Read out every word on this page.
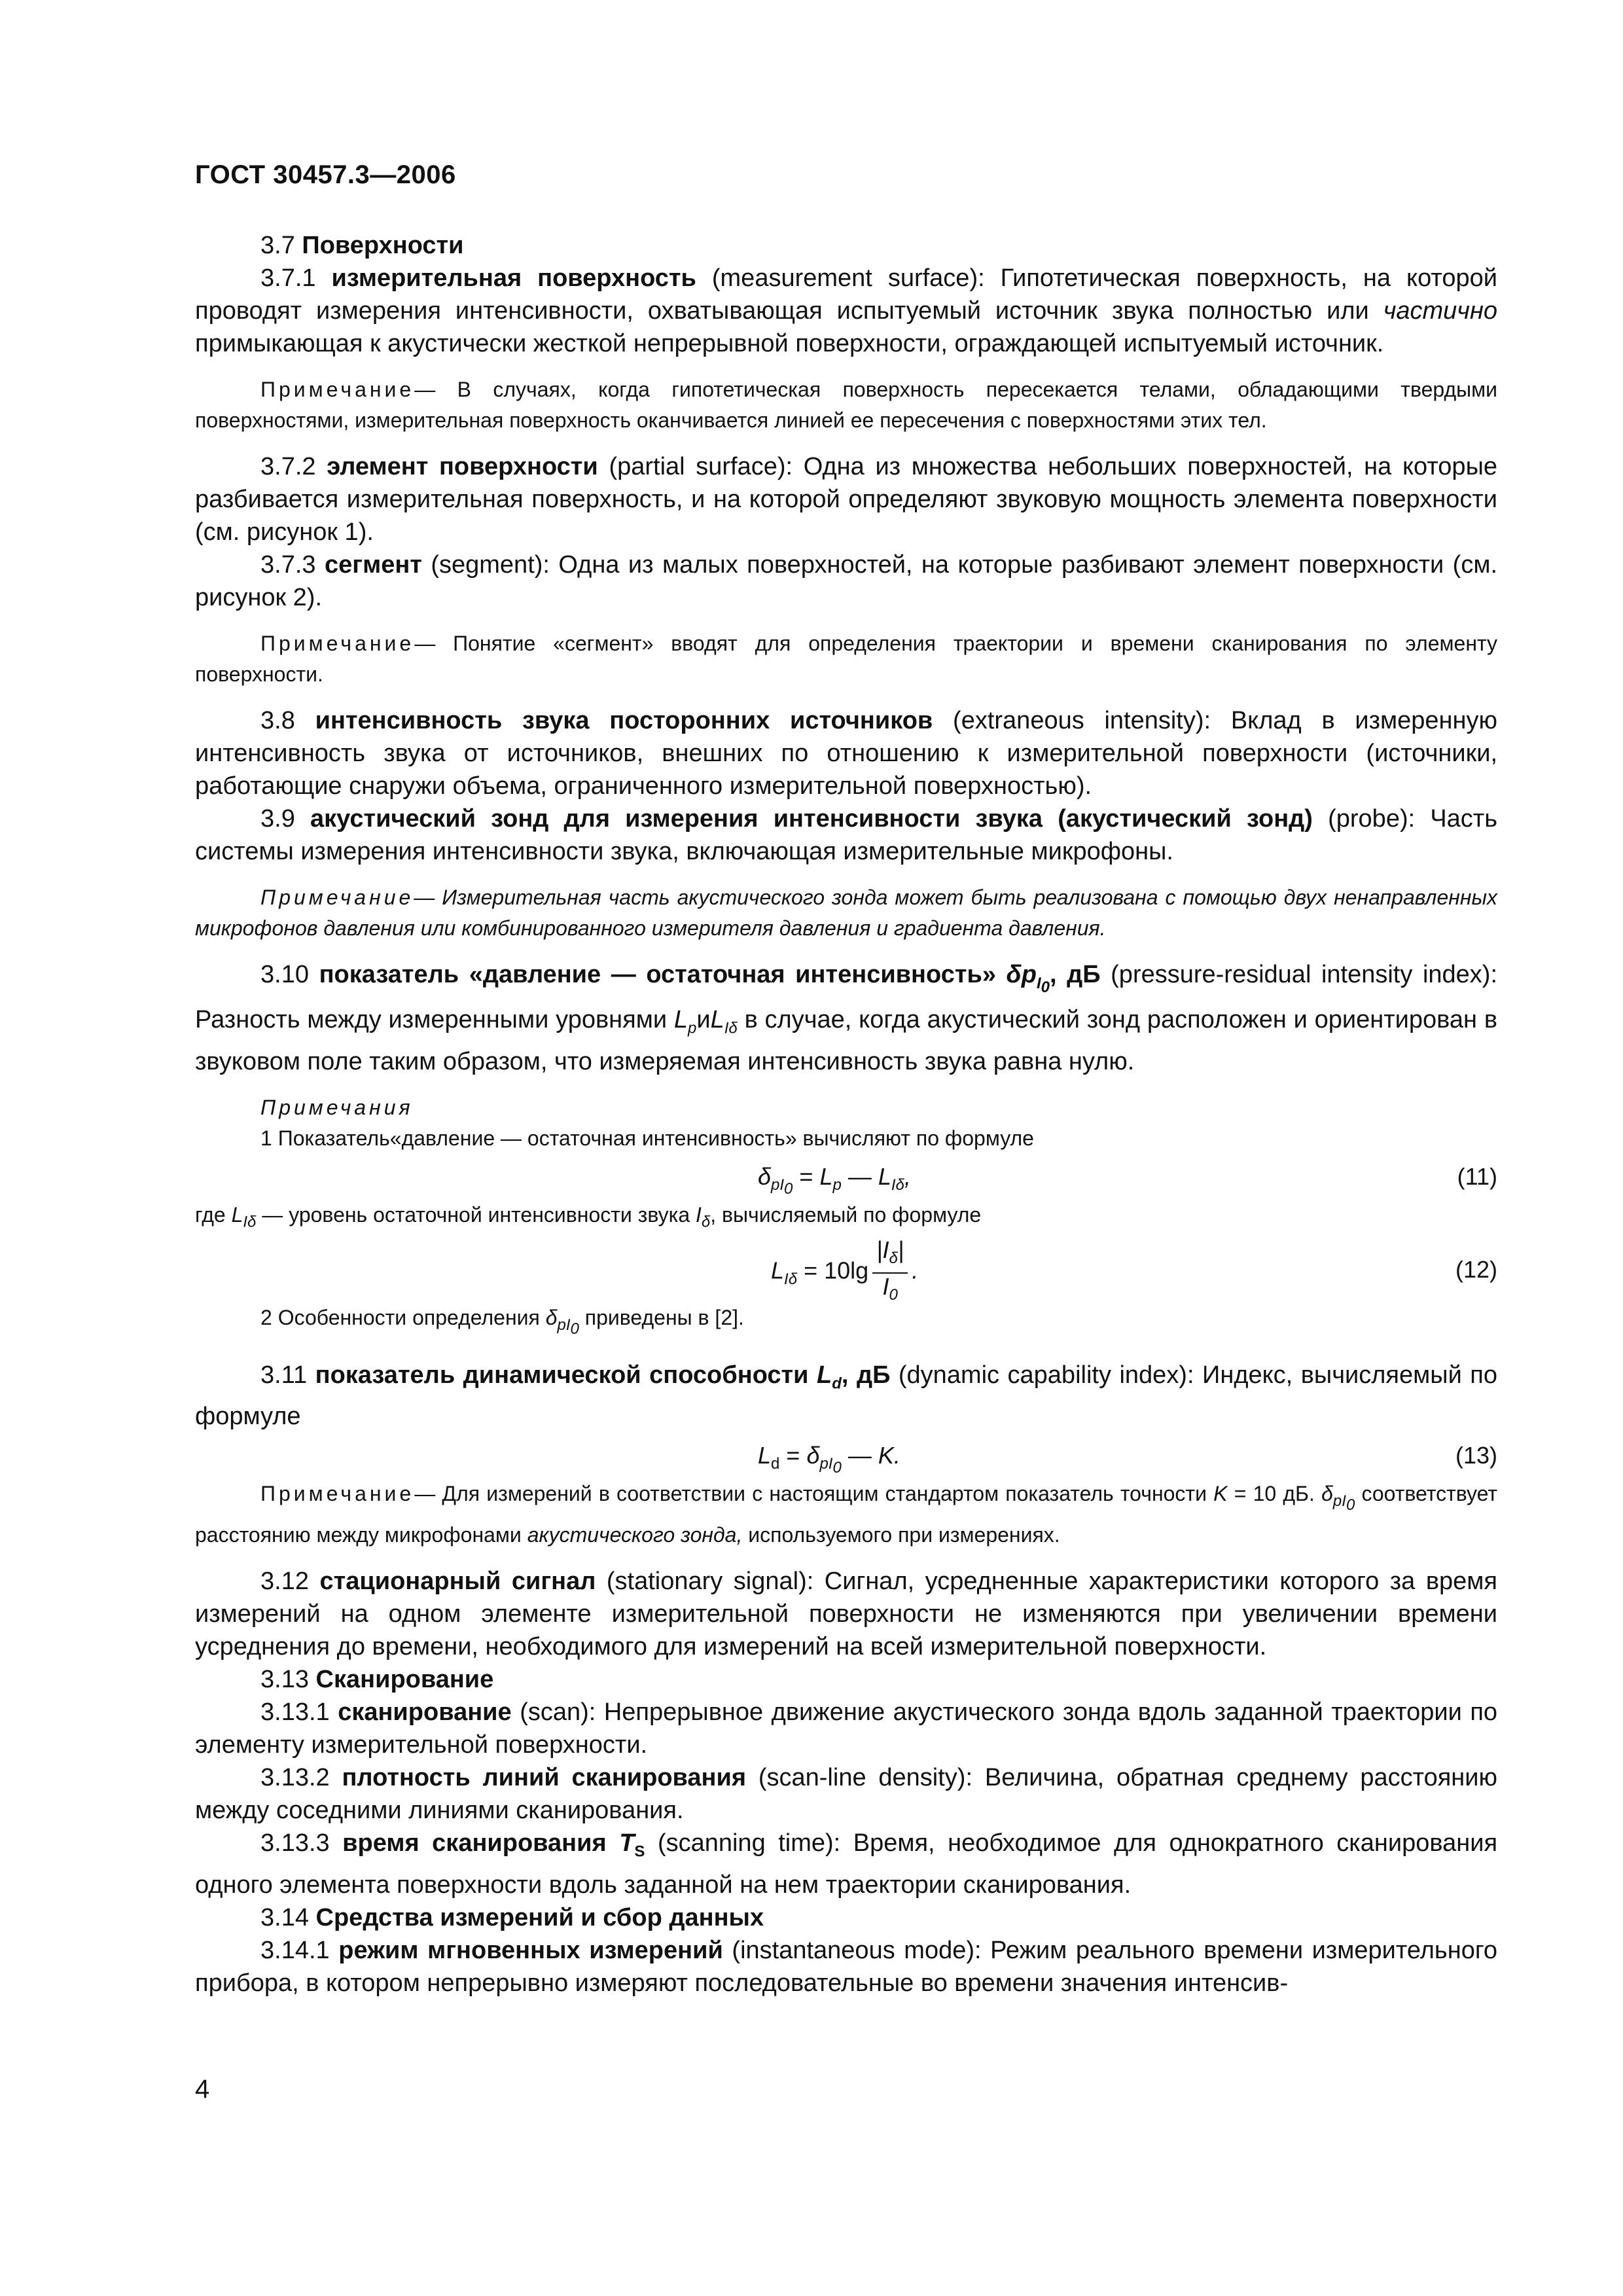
ГОСТ 30457.3—2006

3.7 Поверхности

3.7.1 измерительная поверхность (measurement surface): Гипотетическая поверхность, на которой проводят измерения интенсивности, охватывающая испытуемый источник звука полностью или частично примыкающая к акустически жесткой непрерывной поверхности, ограждающей испытуемый источник.

Примечание— В случаях, когда гипотетическая поверхность пересекается телами, обладающими твердыми поверхностями, измерительная поверхность оканчивается линией ее пересечения с поверхностями этих тел.

3.7.2 элемент поверхности (partial surface): Одна из множества небольших поверхностей, на которые разбивается измерительная поверхность, и на которой определяют звуковую мощность элемента поверхности (см. рисунок 1).

3.7.3 сегмент (segment): Одна из малых поверхностей, на которые разбивают элемент поверхности (см. рисунок 2).

Примечание— Понятие «сегмент» вводят для определения траектории и времени сканирования по элементу поверхности.

3.8 интенсивность звука посторонних источников (extraneous intensity): Вклад в измеренную интенсивность звука от источников, внешних по отношению к измерительной поверхности (источники, работающие снаружи объема, ограниченного измерительной поверхностью).

3.9 акустический зонд для измерения интенсивности звука (акустический зонд) (probe): Часть системы измерения интенсивности звука, включающая измерительные микрофоны.

Примечание— Измерительная часть акустического зонда может быть реализована с помощью двух ненаправленных микрофонов давления или комбинированного измерителя давления и градиента давления.

3.10 показатель «давление — остаточная интенсивность» $\delta p_{I_0}$, дБ (pressure-residual intensity index): Разность между измеренными уровнями $L_pиL_{I\delta}$ в случае, когда акустический зонд расположен и ориентирован в звуковом поле таким образом, что измеряемая интенсивность звука равна нулю.

Примечания
1 Показатель«давление — остаточная интенсивность» вычисляют по формуле
$\delta_{pI_0} = L_p$ — $L_{I\delta}$,	(11)
где $L_{I\delta}$ — уровень остаточной интенсивности звука $I_\delta$, вычисляемый по формуле
$L_{I\delta} = 10\lg \frac{|I_\delta|}{I_0}$ .	(12)
2 Особенности определения $\delta_{pI_0}$ приведены в [2].

3.11 показатель динамической способности $L_d$, дБ (dynamic capability index): Индекс, вычисляемый по формуле

$L_d = \delta_{pI_0}$ — K.	(13)

Примечание— Для измерений в соответствии с настоящим стандартом показатель точности K = 10 дБ. $\delta_{pI_0}$ соответствует расстоянию между микрофонами акустического зонда, используемого при измерениях.

3.12 стационарный сигнал (stationary signal): Сигнал, усредненные характеристики которого за время измерений на одном элементе измерительной поверхности не изменяются при увеличении времени усреднения до времени, необходимого для измерений на всей измерительной поверхности.

3.13 Сканирование

3.13.1 сканирование (scan): Непрерывное движение акустического зонда вдоль заданной траектории по элементу измерительной поверхности.

3.13.2 плотность линий сканирования (scan-line density): Величина, обратная среднему расстоянию между соседними линиями сканирования.

3.13.3 время сканирования $T_S$ (scanning time): Время, необходимое для однократного сканирования одного элемента поверхности вдоль заданной на нем траектории сканирования.

3.14 Средства измерений и сбор данных

3.14.1 режим мгновенных измерений (instantaneous mode): Режим реального времени измерительного прибора, в котором непрерывно измеряют последовательные во времени значения интенсив-

4
